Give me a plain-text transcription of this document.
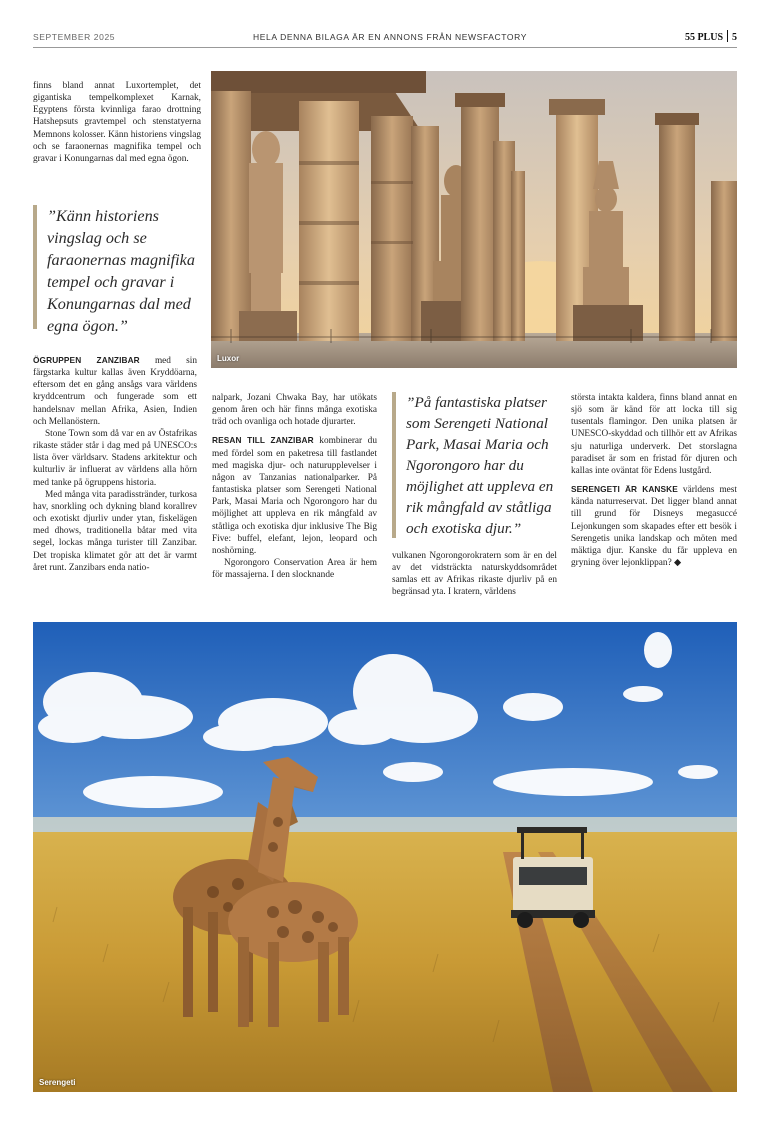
SEPTEMBER 2025	HELA DENNA BILAGA ÄR EN ANNONS FRÅN NEWSFACTORY	55 PLUS 5

finns bland annat Luxortemplet, det gigantiska tempelkomplexet Karnak, Egyptens första kvinnliga farao drottning Hatshepsuts gravtempel och stenstatyerna Memnons kolosser. Känn historiens vingslag och se faraonernas magnifika tempel och gravar i Konungarnas dal med egna ögon.

”Känn historiens vingslag och se faraonernas magnifika tempel och gravar i Konungarnas dal med egna ögon.”
Luxor

ÖGRUPPEN ZANZIBAR med sin färgstarka kultur kallas även Kryddöarna, eftersom det en gång ansågs vara världens kryddcentrum och fungerade som ett handelsnav mellan Afrika, Asien, Indien och Mellanöstern.

Stone Town som då var en av Östafrikas rikaste städer står i dag med på UNESCO:s lista över världsarv. Stadens arkitektur och kulturliv är influerat av världens alla hörn med tanke på ögruppens historia.

Med många vita paradisstränder, turkosa hav, snorkling och dykning bland korallrev och exotiskt djurliv under ytan, fiskelägen med dhows, traditionella båtar med vita segel, lockas många turister till Zanzibar. Det tropiska klimatet gör att det är varmt året runt. Zanzibars enda natio-

nalpark, Jozani Chwaka Bay, har utökats genom åren och här finns många exotiska träd och ovanliga och hotade djurarter.

RESAN TILL ZANZIBAR kombinerar du med fördel som en paketresa till fastlandet med magiska djur- och naturupplevelser i någon av Tanzanias nationalparker. På fantastiska platser som Serengeti National Park, Masai Maria och Ngorongoro har du möjlighet att uppleva en rik mångfald av ståtliga och exotiska djur inklusive The Big Five: buffel, elefant, lejon, leopard och noshörning.

Ngorongoro Conservation Area är hem för massajerna. I den slocknande

”På fantastiska platser som Serengeti National Park, Masai Maria och Ngorongoro har du möjlighet att uppleva en rik mångfald av ståtliga och exotiska djur.”

vulkanen Ngorongorokratern som är en del av det vidsträckta naturskyddsområdet samlas ett av Afrikas rikaste djurliv på en begränsad yta. I kratern, världens

största intakta kaldera, finns bland annat en sjö som är känd för att locka till sig tusentals flamingor. Den unika platsen är UNESCO-skyddad och tillhör ett av Afrikas sju naturliga underverk. Det storslagna paradiset är som en fristad för djuren och kallas inte oväntat för Edens lustgård.

SERENGETI ÄR KANSKE världens mest kända naturreservat. Det ligger bland annat till grund för Disneys megasuccé Lejonkungen som skapades efter ett besök i Serengetis unika landskap och möten med mäktiga djur. Kanske du får uppleva en gryning över lejonklippan? ◆

Serengeti
